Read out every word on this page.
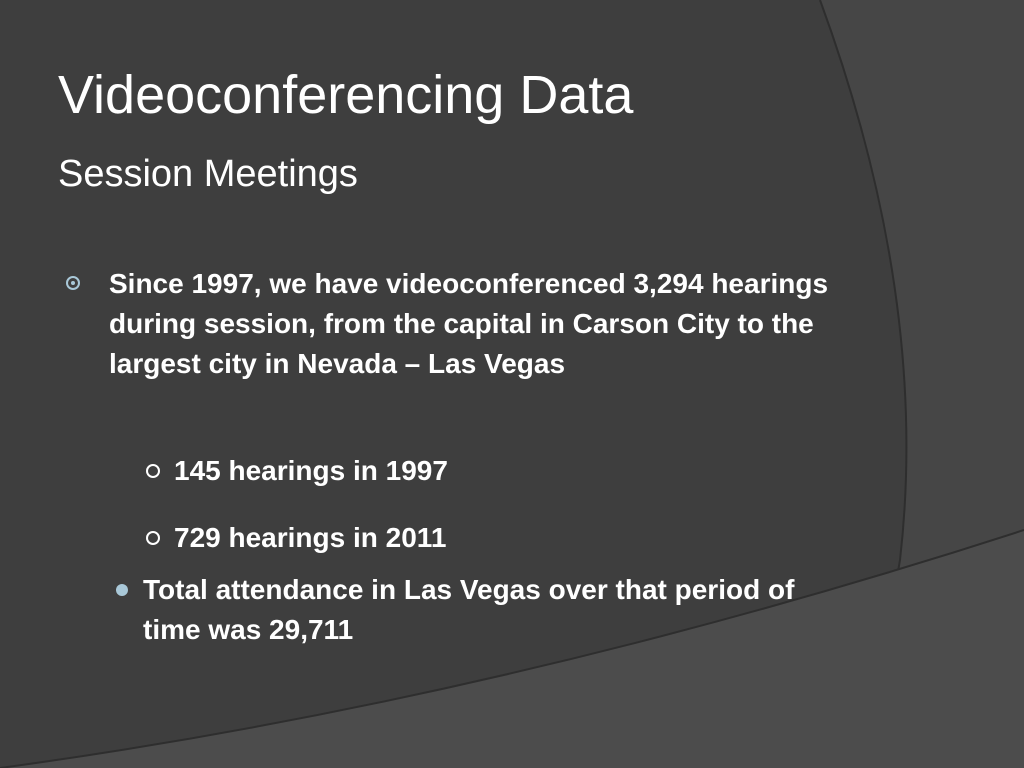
Videoconferencing Data
Session Meetings
Since 1997, we have videoconferenced 3,294 hearings during session, from the capital in Carson City to the largest city in Nevada – Las Vegas
145 hearings in 1997
729 hearings in 2011
Total attendance in Las Vegas over that period of time was 29,711
